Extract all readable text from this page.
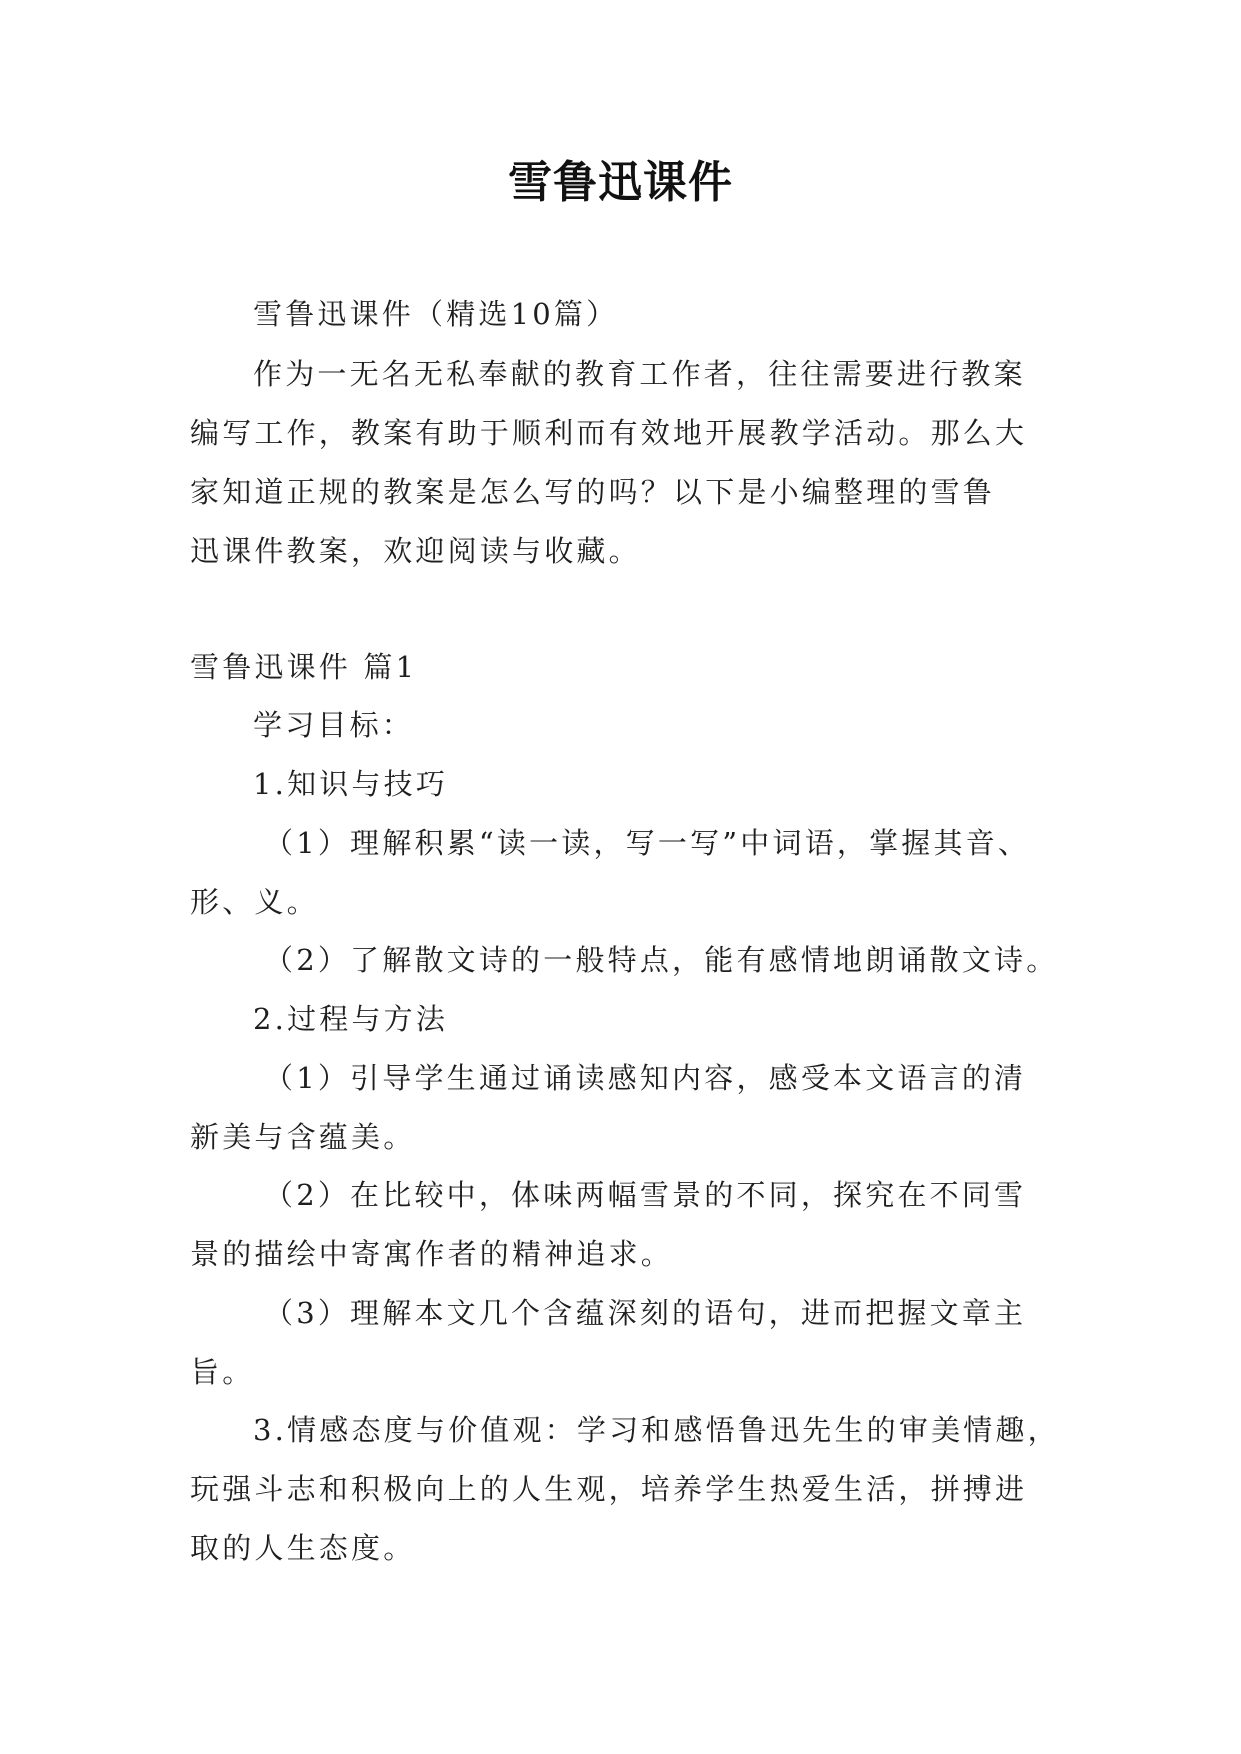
雪鲁迅课件
雪鲁迅课件（精选10篇）
作为一无名无私奉献的教育工作者，往往需要进行教案
编写工作，教案有助于顺利而有效地开展教学活动。那么大
家知道正规的教案是怎么写的吗？以下是小编整理的雪鲁
迅课件教案，欢迎阅读与收藏。
雪鲁迅课件 篇1
学习目标：
1.知识与技巧
（1）理解积累“读一读，写一写”中词语，掌握其音、
形、义。
（2）了解散文诗的一般特点，能有感情地朗诵散文诗。
2.过程与方法
（1）引导学生通过诵读感知内容，感受本文语言的清
新美与含蕴美。
（2）在比较中，体味两幅雪景的不同，探究在不同雪
景的描绘中寄寓作者的精神追求。
（3）理解本文几个含蕴深刻的语句，进而把握文章主
旨。
3.情感态度与价值观：学习和感悟鲁迅先生的审美情趣，
玩强斗志和积极向上的人生观，培养学生热爱生活，拼搏进
取的人生态度。
